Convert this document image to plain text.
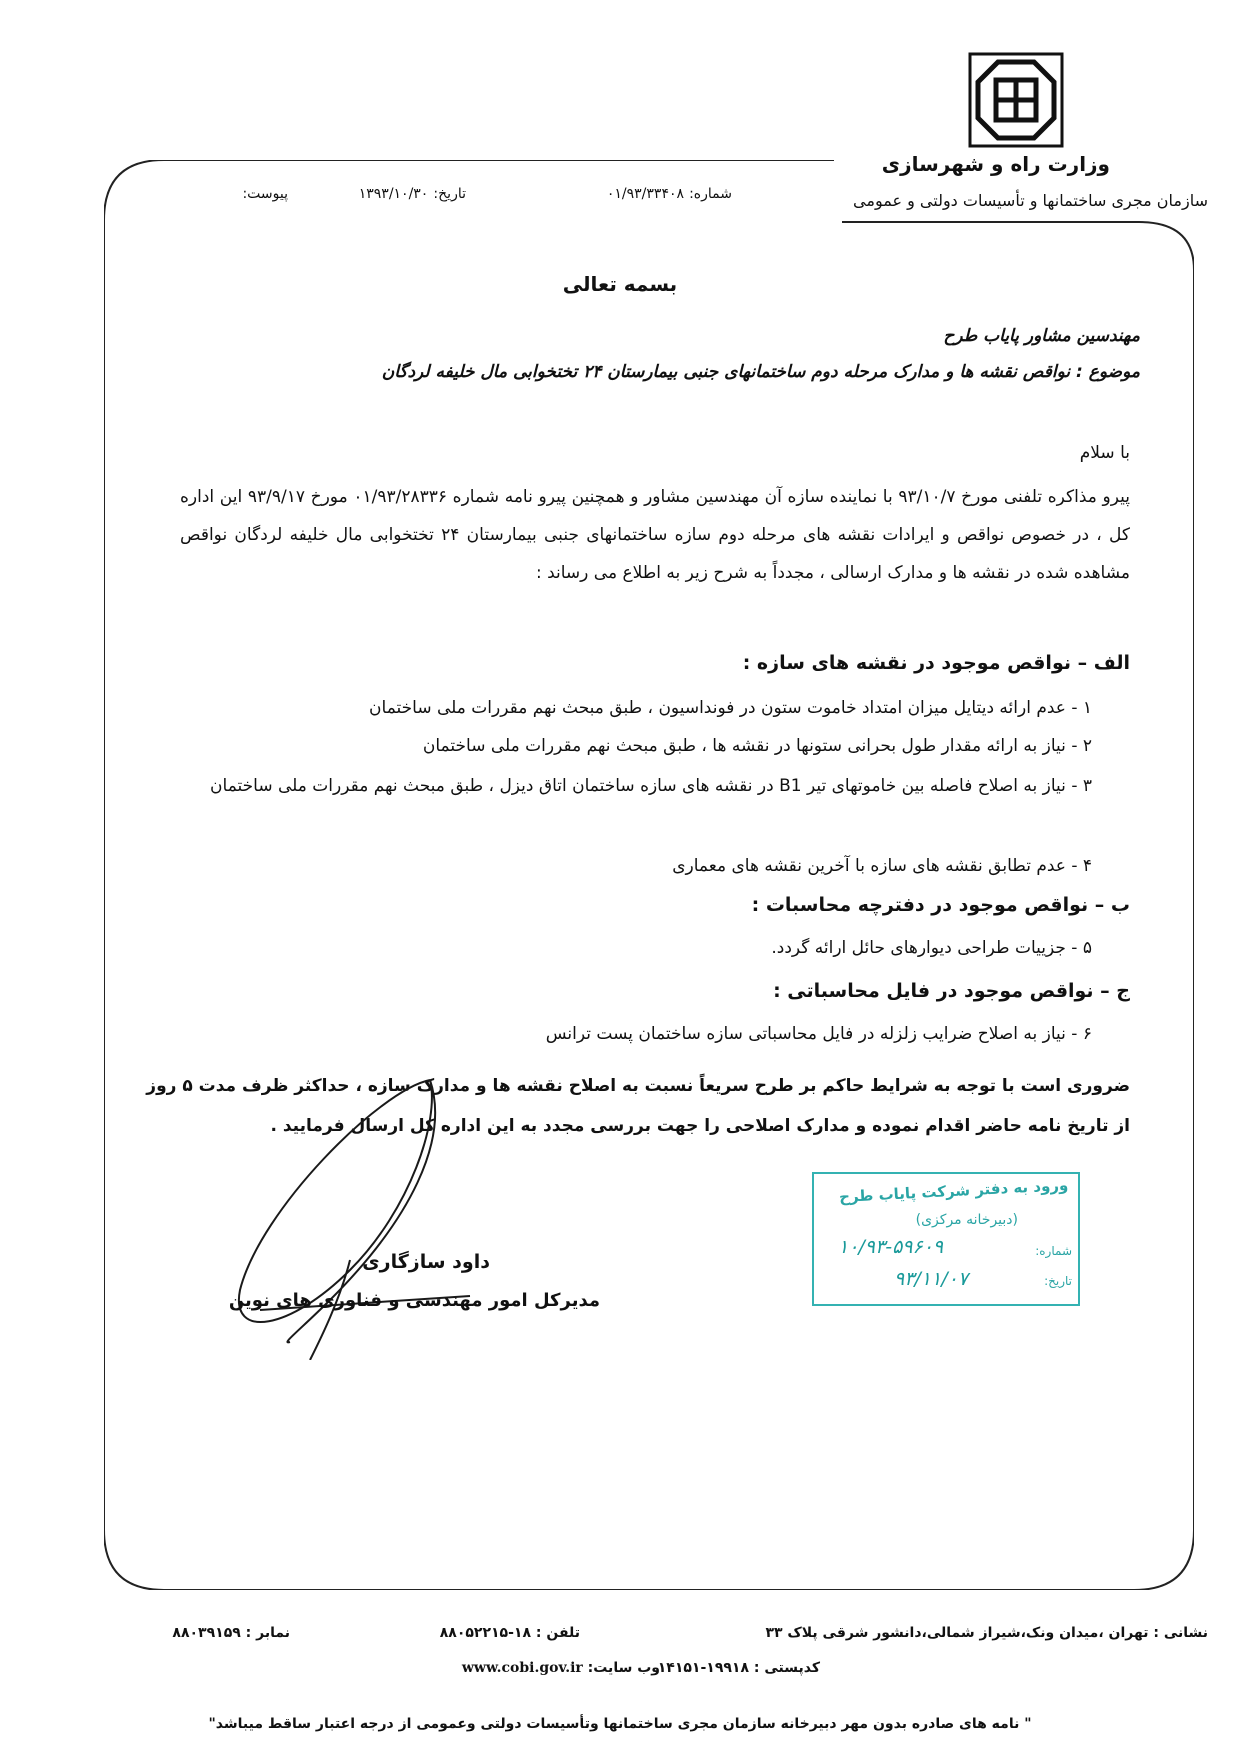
وزارت راه و شهرسازی
سازمان مجری ساختمانها و تأسیسات دولتی و عمومی
شماره: ۰۱/۹۳/۳۳۴۰۸
تاریخ: ۱۳۹۳/۱۰/۳۰
پیوست:
بسمه تعالی
مهندسین مشاور پایاب طرح
موضوع : نواقص نقشه ها و مدارک مرحله دوم ساختمانهای جنبی بیمارستان ۲۴ تختخوابی مال خلیفه لردگان
با سلام
پیرو مذاکره تلفنی مورخ ۹۳/۱۰/۷ با نماینده سازه آن مهندسین مشاور و همچنین پیرو نامه شماره ۰۱/۹۳/۲۸۳۳۶ مورخ ۹۳/۹/۱۷ این اداره کل ، در خصوص نواقص و ایرادات نقشه های مرحله دوم سازه ساختمانهای جنبی بیمارستان ۲۴ تختخوابی مال خلیفه لردگان نواقص مشاهده شده در نقشه ها و مدارک ارسالی ، مجدداً به شرح زیر به اطلاع می رساند :
الف – نواقص موجود در نقشه های سازه :
۱ - عدم ارائه دیتایل میزان امتداد خاموت ستون در فونداسیون ، طبق مبحث نهم مقررات ملی ساختمان
۲ - نیاز به ارائه مقدار طول بحرانی ستونها در نقشه ها ، طبق مبحث نهم مقررات ملی ساختمان
۳ - نیاز به اصلاح فاصله بین خاموتهای تیر B1 در نقشه های سازه ساختمان اتاق دیزل ، طبق مبحث نهم مقررات ملی ساختمان
۴ - عدم تطابق نقشه های سازه با آخرین نقشه های معماری
ب – نواقص موجود در دفترچه محاسبات :
۵ - جزییات طراحی دیوارهای حائل ارائه گردد.
ج – نواقص موجود در فایل محاسباتی :
۶ - نیاز به اصلاح ضرایب زلزله در فایل محاسباتی سازه ساختمان پست ترانس
ضروری است با توجه به شرایط حاکم بر طرح سریعاً نسبت به اصلاح نقشه ها و مدارک سازه ، حداکثر ظرف مدت ۵ روز از تاریخ نامه حاضر اقدام نموده و مدارک اصلاحی را جهت بررسی مجدد به این اداره کل ارسال فرمایید .
داود سازگاری
مدیرکل امور مهندسی و فناوری های نوین
ورود به دفتر شرکت پایاب طرح
(دبیرخانه مرکزی)
شماره:
۱۰/۹۳-۵۹۶۰۹
تاریخ:
۹۳/۱۱/۰۷
نشانی : تهران ،میدان ونک،شیراز شمالی،دانشور شرقی پلاک ۳۳
تلفن : ۱۸-۸۸۰۵۲۲۱۵
نمابر : ۸۸۰۳۹۱۵۹
کدپستی : ۱۹۹۱۸-۱۴۱۵۱
وب سایت: www.cobi.gov.ir
" نامه های صادره بدون مهر دبیرخانه سازمان مجری ساختمانها وتأسیسات دولتی وعمومی از درجه اعتبار ساقط میباشد"
